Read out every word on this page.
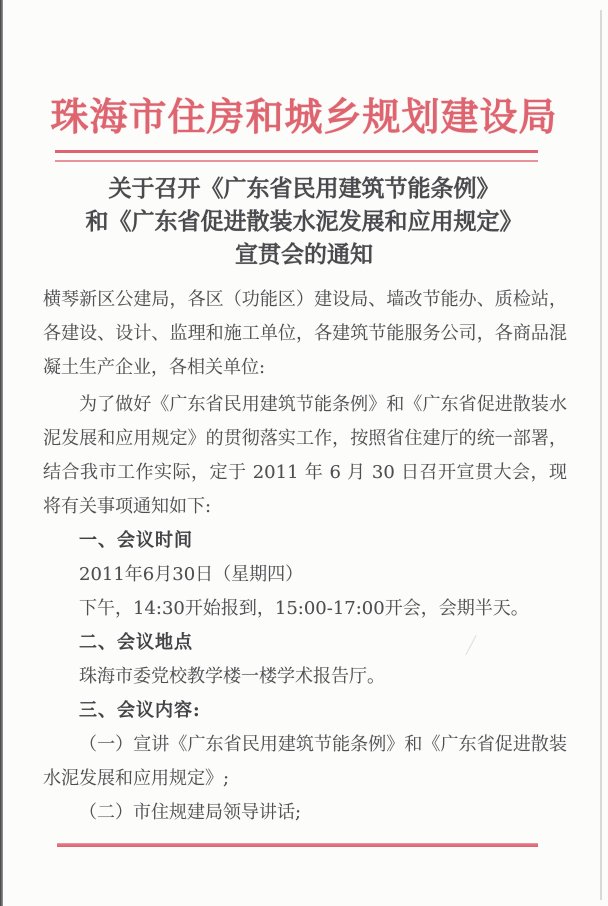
珠海市住房和城乡规划建设局
关于召开《广东省民用建筑节能条例》
和《广东省促进散装水泥发展和应用规定》
宣贯会的通知

横琴新区公建局，各区（功能区）建设局、墙改节能办、质检站，各建设、设计、监理和施工单位，各建筑节能服务公司，各商品混凝土生产企业，各相关单位:

为了做好《广东省民用建筑节能条例》和《广东省促进散装水泥发展和应用规定》的贯彻落实工作，按照省住建厅的统一部署，结合我市工作实际，定于 2011 年 6 月 30 日召开宣贯大会，现将有关事项通知如下:

一、会议时间

2011年6月30日（星期四）

下午，14:30开始报到，15:00-17:00开会，会期半天。

二、会议地点

珠海市委党校教学楼一楼学术报告厅。

三、会议内容:

（一）宣讲《广东省民用建筑节能条例》和《广东省促进散装水泥发展和应用规定》;

（二）市住规建局领导讲话;
